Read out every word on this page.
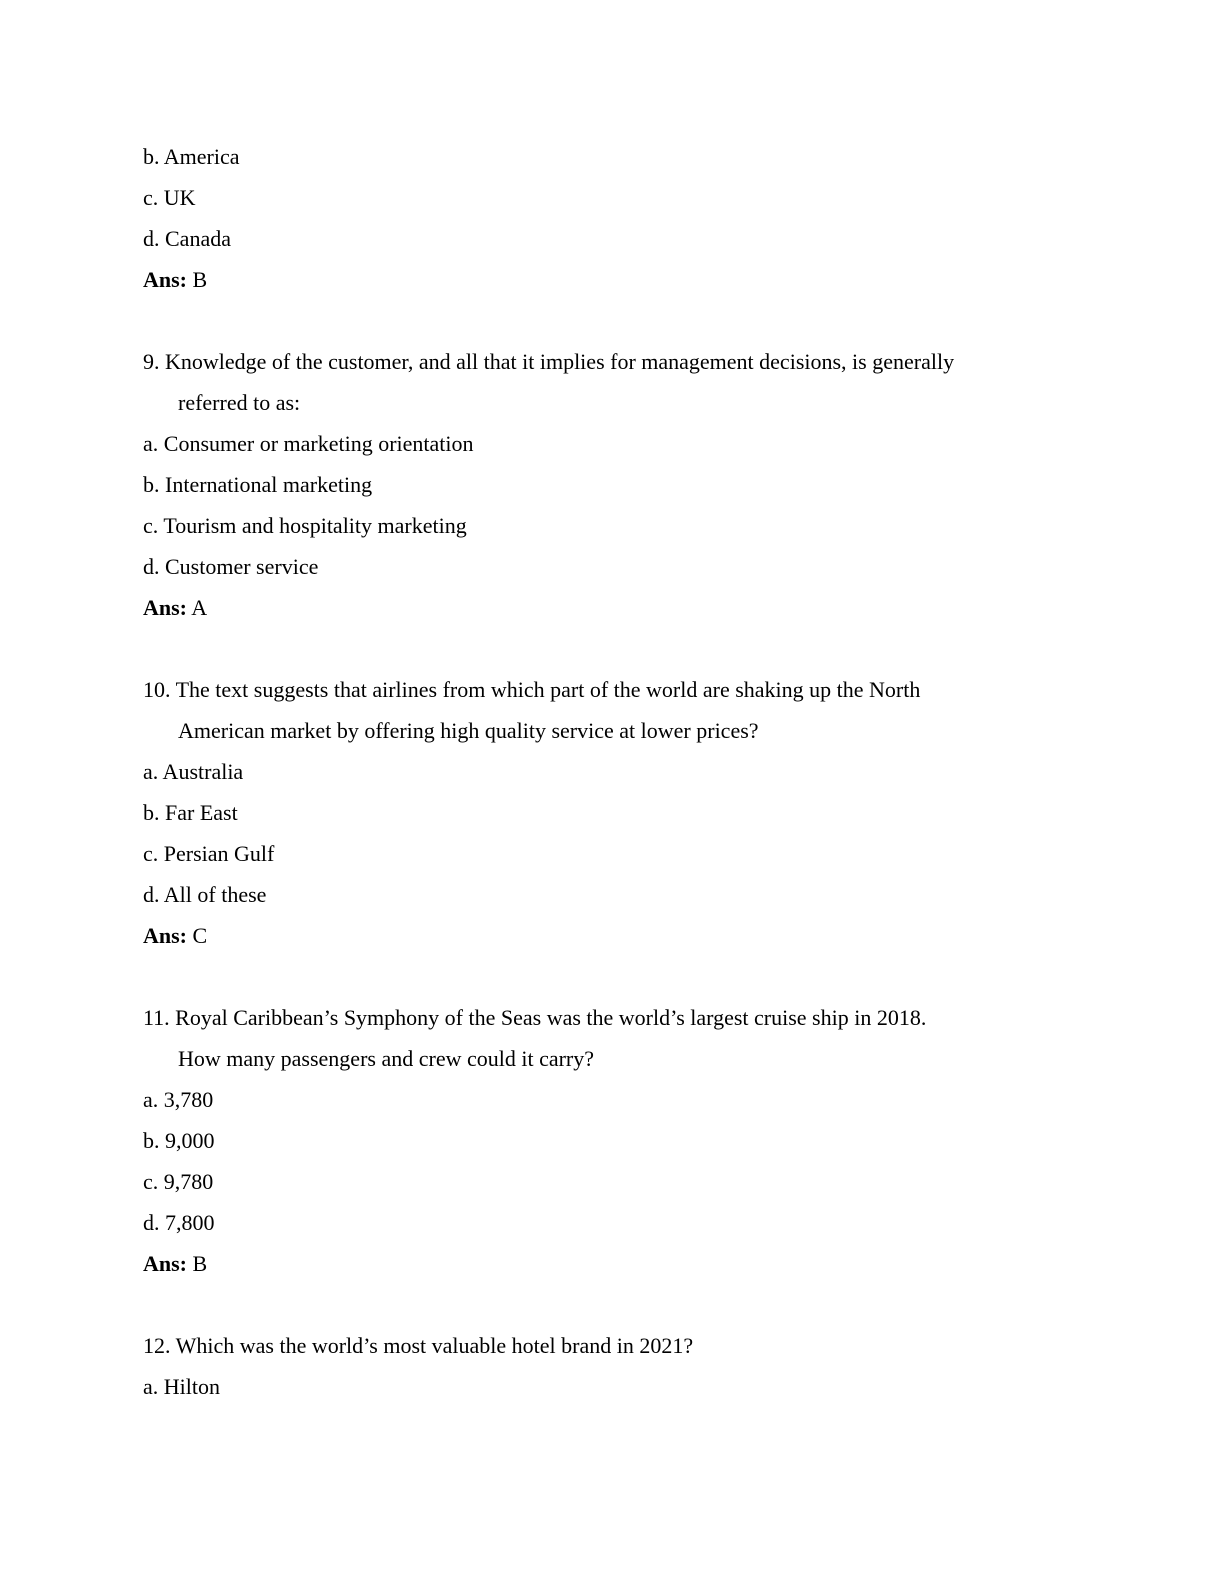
b. America
c. UK
d. Canada
Ans: B
9. Knowledge of the customer, and all that it implies for management decisions, is generally
referred to as:
a. Consumer or marketing orientation
b. International marketing
c. Tourism and hospitality marketing
d. Customer service
Ans: A
10. The text suggests that airlines from which part of the world are shaking up the North
American market by offering high quality service at lower prices?
a. Australia
b. Far East
c. Persian Gulf
d. All of these
Ans: C
11. Royal Caribbean’s Symphony of the Seas was the world’s largest cruise ship in 2018.
How many passengers and crew could it carry?
a. 3,780
b. 9,000
c. 9,780
d. 7,800
Ans: B
12. Which was the world’s most valuable hotel brand in 2021?
a. Hilton
